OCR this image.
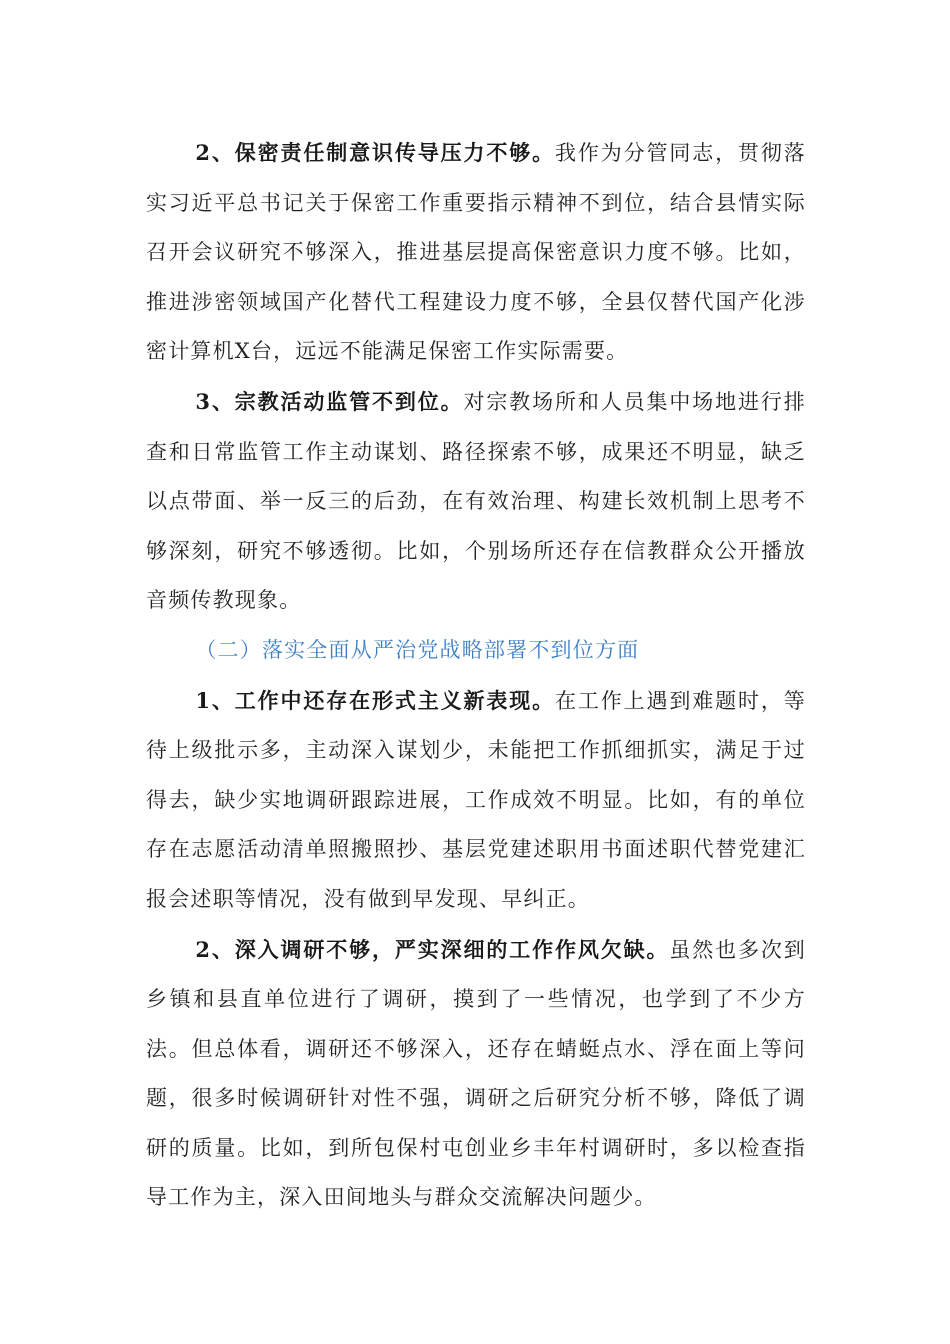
2、保密责任制意识传导压力不够。我作为分管同志，贯彻落实习近平总书记关于保密工作重要指示精神不到位，结合县情实际召开会议研究不够深入，推进基层提高保密意识力度不够。比如，推进涉密领域国产化替代工程建设力度不够，全县仅替代国产化涉密计算机X台，远远不能满足保密工作实际需要。

3、宗教活动监管不到位。对宗教场所和人员集中场地进行排查和日常监管工作主动谋划、路径探索不够，成果还不明显，缺乏以点带面、举一反三的后劲，在有效治理、构建长效机制上思考不够深刻，研究不够透彻。比如，个别场所还存在信教群众公开播放音频传教现象。

（二）落实全面从严治党战略部署不到位方面

1、工作中还存在形式主义新表现。在工作上遇到难题时，等待上级批示多，主动深入谋划少，未能把工作抓细抓实，满足于过得去，缺少实地调研跟踪进展，工作成效不明显。比如，有的单位存在志愿活动清单照搬照抄、基层党建述职用书面述职代替党建汇报会述职等情况，没有做到早发现、早纠正。

2、深入调研不够，严实深细的工作作风欠缺。虽然也多次到乡镇和县直单位进行了调研，摸到了一些情况，也学到了不少方法。但总体看，调研还不够深入，还存在蜻蜓点水、浮在面上等问题，很多时候调研针对性不强，调研之后研究分析不够，降低了调研的质量。比如，到所包保村屯创业乡丰年村调研时，多以检查指导工作为主，深入田间地头与群众交流解决问题少。
